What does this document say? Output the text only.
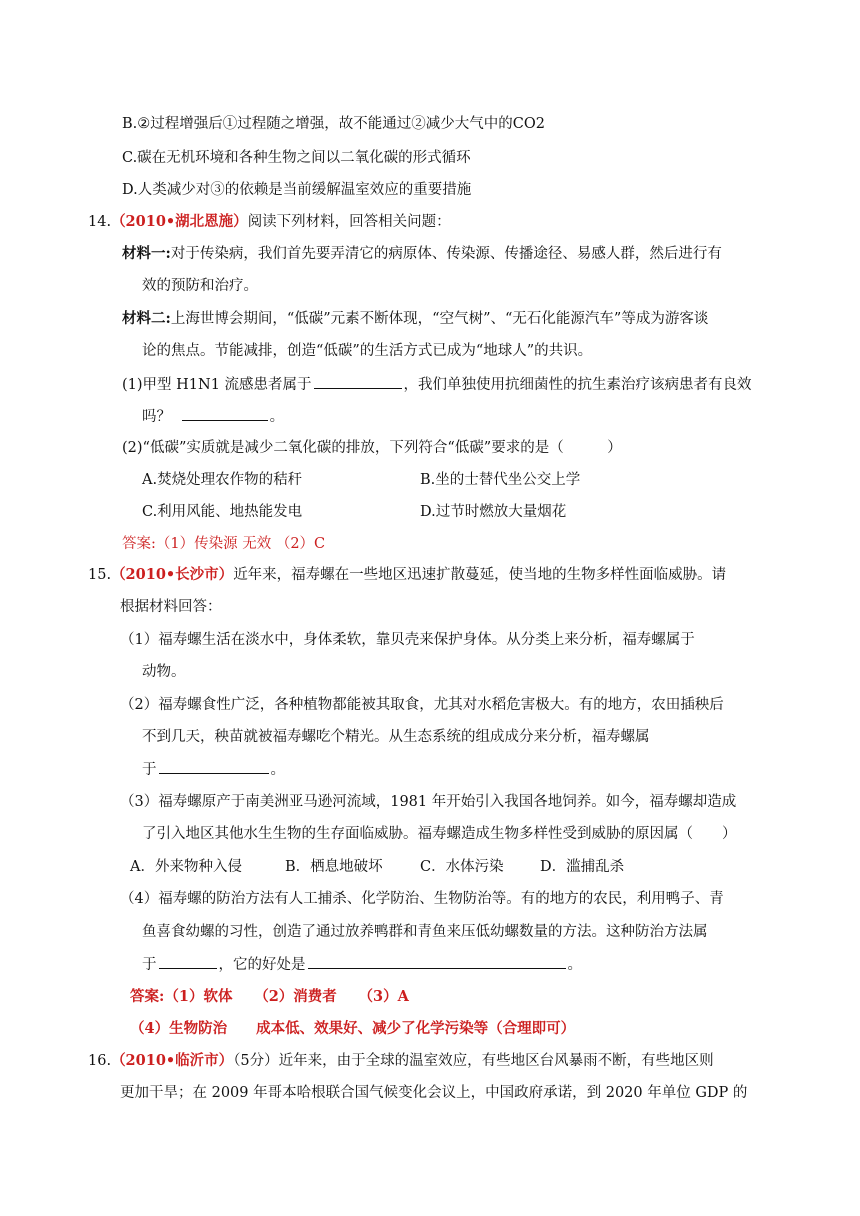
B.②过程增强后①过程随之增强，故不能通过②减少大气中的CO2
C.碳在无机环境和各种生物之间以二氧化碳的形式循环
D.人类减少对③的依赖是当前缓解温室效应的重要措施
14.（2010•湖北恩施）阅读下列材料，回答相关问题：
材料一:对于传染病，我们首先要弄清它的病原体、传染源、传播途径、易感人群，然后进行有
效的预防和治疗。
材料二:上海世博会期间，“低碳”元素不断体现，“空气树”、“无石化能源汽车”等成为游客谈
论的焦点。节能减排，创造“低碳”的生活方式已成为“地球人”的共识。
(1)甲型 H1N1 流感患者属于	，我们单独使用抗细菌性的抗生素治疗该病患者有良效
吗？	。
(2)“低碳”实质就是减少二氧化碳的排放，下列符合“低碳”要求的是（　　　）
A.焚烧处理农作物的秸秆	B.坐的士替代坐公交上学
C.利用风能、地热能发电	D.过节时燃放大量烟花
答案:（1）传染源 无效 （2）C
15.（2010•长沙市）近年来，福寿螺在一些地区迅速扩散蔓延，使当地的生物多样性面临威胁。请
根据材料回答：
（1）福寿螺生活在淡水中，身体柔软，靠贝壳来保护身体。从分类上来分析，福寿螺属于
动物。
（2）福寿螺食性广泛，各种植物都能被其取食，尤其对水稻危害极大。有的地方，农田插秧后
不到几天，秧苗就被福寿螺吃个精光。从生态系统的组成成分来分析，福寿螺属
于	。
（3）福寿螺原产于南美洲亚马逊河流域，1981 年开始引入我国各地饲养。如今，福寿螺却造成
了引入地区其他水生生物的生存面临威胁。福寿螺造成生物多样性受到威胁的原因属（　　）
A．外来物种入侵	B．栖息地破坏	C．水体污染	D．滥捕乱杀
（4）福寿螺的防治方法有人工捕杀、化学防治、生物防治等。有的地方的农民，利用鸭子、青
鱼喜食幼螺的习性，创造了通过放养鸭群和青鱼来压低幼螺数量的方法。这种防治方法属
于	，它的好处是	。
答案:（1）软体　　（2）消费者　　（3）A
（4）生物防治　　成本低、效果好、减少了化学污染等（合理即可）
16.（2010•临沂市）（5分）近年来，由于全球的温室效应，有些地区台风暴雨不断，有些地区则
更加干旱；在 2009 年哥本哈根联合国气候变化会议上，中国政府承诺，到 2020 年单位 GDP 的
